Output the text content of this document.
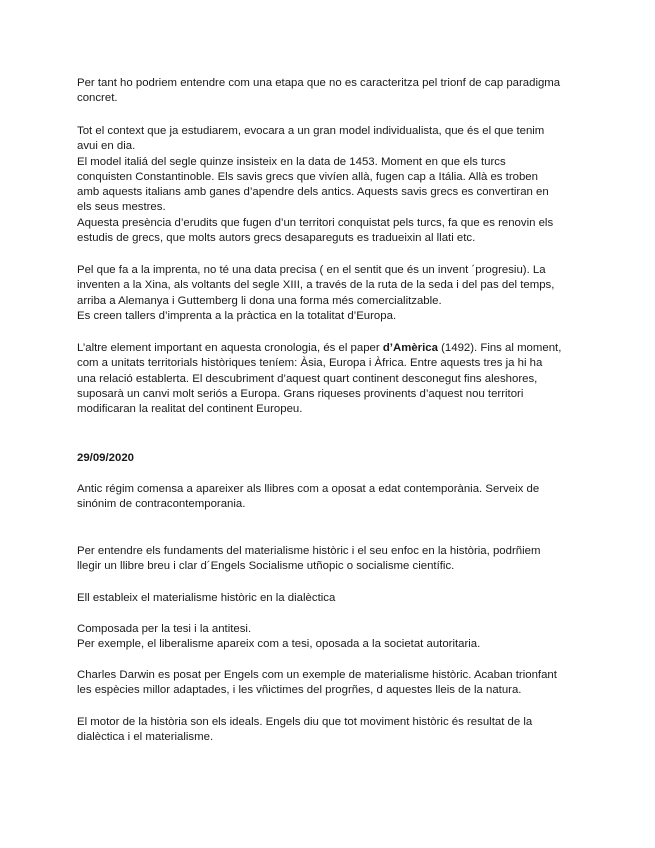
Per tant ho podriem entendre com una etapa que no es caracteritza pel trionf de cap paradigma

concret.

Tot el context que ja estudiarem, evocara a un gran model individualista, que és el que tenim

avui en dia.

El model italiá del segle quinze insisteix en la data de 1453. Moment en que els turcs

conquisten Constantinoble. Els savis grecs que vivíen allà, fugen cap a Itália. Allà es troben

amb aquests italians amb ganes d’apendre dels antics. Aquests savis grecs es convertiran en

els seus mestres.

Aquesta presència d’erudits que fugen d’un territori conquistat pels turcs, fa que es renovin els

estudis de grecs, que molts autors grecs desapareguts es tradueixin al llati etc.

Pel que fa a la imprenta, no té una data precisa ( en el sentit que és un invent ´progresiu). La

inventen a la Xina, als voltants del segle XIII, a través de la ruta de la seda i del pas del temps,

arriba a Alemanya i Guttemberg li dona una forma més comercialitzable.

Es creen tallers d’imprenta a la pràctica en la totalitat d’Europa.

L’altre element important en aquesta cronologia, és el paper d’Amèrica (1492). Fins al moment,

com a unitats territorials històriques teníem: Àsia, Europa i Àfrica. Entre aquests tres ja hi ha

una relació establerta. El descubriment d’aquest quart continent desconegut fins aleshores,

suposarà un canvi molt seriós a Europa. Grans riqueses provinents d’aquest nou territori

modificaran la realitat del continent Europeu.

29/09/2020

Antic régim comensa a apareixer als llibres com a oposat a edat contemporània. Serveix de

sinónim de contracontemporania.

Per entendre els fundaments del materialisme històric i el seu enfoc en la història, podrñiem

llegir un llibre breu i clar d´Engels Socialisme utñopic o socialisme científic.

Ell estableix el materialisme històric en la dialèctica

Composada per la tesi i la antitesi.

Per exemple, el liberalisme apareix com a tesi, oposada a la societat autoritaria.

Charles Darwin es posat per Engels com un exemple de materialisme històric. Acaban trionfant

les espècies millor adaptades, i les vñictimes del progrñes, d aquestes lleis de la natura.

El motor de la història son els ideals. Engels diu que tot moviment històric és resultat de la

dialèctica i el materialisme.
